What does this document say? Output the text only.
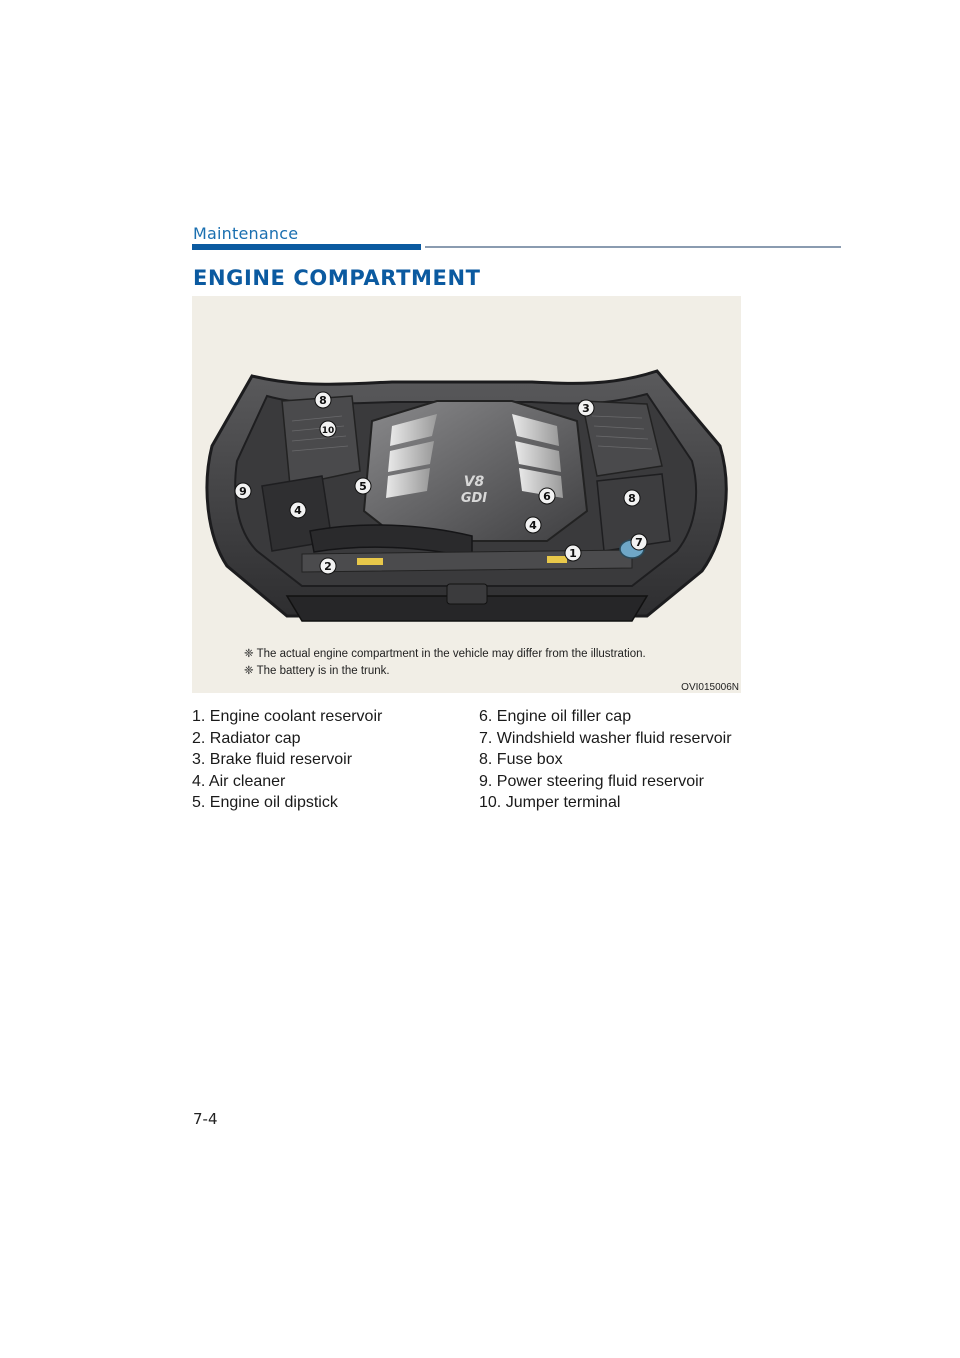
Maintenance
ENGINE COMPARTMENT
V8
GDI
8
10
3
9	5
6	8
4
4
1
7
2
❈ The actual engine compartment in the vehicle may differ from the illustration.
❈ The battery is in the trunk.
OVI015006N
1. Engine coolant reservoir
2. Radiator cap
3. Brake fluid reservoir
4. Air cleaner
5. Engine oil dipstick
6. Engine oil filler cap
7. Windshield washer fluid reservoir
8. Fuse box
9. Power steering fluid reservoir
10. Jumper terminal
7-4
